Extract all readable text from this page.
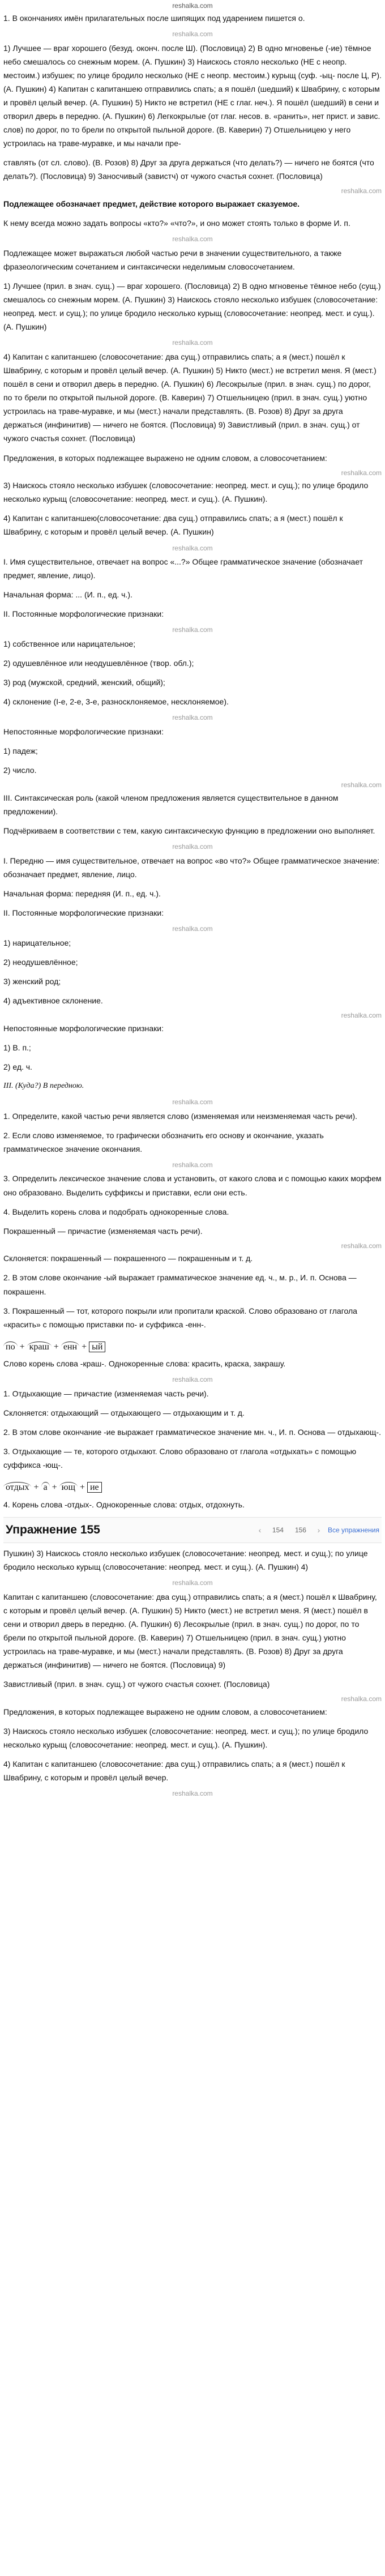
reshalka.com

1. В окончаниях имён прилагательных после шипящих под ударением пишется о.

reshalka.com

1) Лучшее — враг хорошего (безуд. оконч. после Ш). (Пословица) 2) В одно мгновенье (-ие) тёмное небо смешалось со снежным морем. (А. Пушкин) 3) Наискось стояло несколько (НЕ с неопр. местоим.) избушек; по улице бродило несколько (НЕ с неопр. местоим.) курыщ (суф. -ыц- после Ц, Р). (А. Пушкин) 4) Капитан с капитаншею отправились спать; а я пошёл (шедший) к Швабрину, с которым и провёл целый вечер. (А. Пушкин) 5) Никто не встретил (НЕ с глаг. неч.). Я пошёл (шедший) в сени и отворил дверь в передню. (А. Пушкин) 6) Легкокрылые (от глаг. несов. в. «ранить», нет прист. и завис. слов) по дорог, по то брели по открытой пыльной дороге. (В. Каверин) 7) Отшельницею у него устроилась на траве-муравке, и мы начали пре-

ставлять (от сл. слово). (В. Розов) 8) Друг за друга держаться (что делать?) — ничего не боятся (что делать?). (Пословица) 9) Заносчивый (завистч) от чужого счастья сохнет. (Пословица)

reshalka.com

Подлежащее обозначает предмет, действие которого выражает сказуемое.

К нему всегда можно задать вопросы «кто?» «что?», и оно может стоять только в форме И. п.

reshalka.com

Подлежащее может выражаться любой частью речи в значении существительного, а также фразеологическим сочетанием и синтаксически неделимым словосочетанием.

1) Лучшее (прил. в знач. сущ.) — враг хорошего. (Пословица) 2) В одно мгновенье тёмное небо (сущ.) смешалось со снежным морем. (А. Пушкин) 3) Наискось стояло несколько избушек (словосочетание: неопред. мест. и сущ.); по улице бродило несколько курыщ (словосочетание: неопред. мест. и сущ.). (А. Пушкин)

reshalka.com

4) Капитан с капитаншею (словосочетание: два сущ.) отправились спать; а я (мест.) пошёл к Швабрину, с которым и провёл целый вечер. (А. Пушкин) 5) Никто (мест.) не встретил меня. Я (мест.) пошёл в сени и отворил дверь в передню. (А. Пушкин) 6) Лесокрылые (прил. в знач. сущ.) по дорог, по то брели по открытой пыльной дороге. (В. Каверин) 7) Отшельницею (прил. в знач. сущ.) уютно устроилась на траве-муравке, и мы (мест.) начали представлять. (В. Розов) 8) Друг за друга держаться (инфинитив) — ничего не боятся. (Пословица) 9) Завистливый (прил. в знач. сущ.) от чужого счастья сохнет. (Пословица)

Предложения, в которых подлежащее выражено не одним словом, а словосочетанием:

reshalka.com

3) Наискось стояло несколько избушек (словосочетание: неопред. мест. и сущ.); по улице бродило несколько курыщ (словосочетание: неопред. мест. и сущ.). (А. Пушкин).

4) Капитан с капитаншею(словосочетание: два сущ.) отправились спать; а я (мест.) пошёл к Швабрину, с которым и провёл целый вечер. (А. Пушкин)

reshalka.com

I. Имя существительное, отвечает на вопрос «...?» Общее грамматическое значение (обозначает предмет, явление, лицо).

Начальная форма: ... (И. п., ед. ч.).

II. Постоянные морфологические признаки:

reshalka.com

1) собственное или нарицательное;

2) одушевлённое или неодушевлённое (твор. обл.);

3) род (мужской, средний, женский, общий);

4) склонение (I-е, 2-е, 3-е, разносклоняемое, несклоняемое).

reshalka.com

Непостоянные морфологические признаки:

1) падеж;

2) число.

reshalka.com

III. Синтаксическая роль (какой членом предложения является существительное в данном предложении).

Подчёркиваем в соответствии с тем, какую синтаксическую функцию в предложении оно выполняет.

reshalka.com

I. Передню — имя существительное, отвечает на вопрос «во что?» Общее грамматическое значение: обозначает предмет, явление, лицо.

Начальная форма: передняя (И. п., ед. ч.).

II. Постоянные морфологические признаки:

reshalka.com

1) нарицательное;

2) неодушевлённое;

3) женский род;

4) адъективное склонение.

reshalka.com

Непостоянные морфологические признаки:

1) В. п.;

2) ед. ч.

III. (Куда?) В передною.

reshalka.com

1. Определите, какой частью речи является слово (изменяемая или неизменяемая часть речи).

2. Если слово изменяемое, то графически обозначить его основу и окончание, указать грамматическое значение окончания.

reshalka.com

3. Определить лексическое значение слова и установить, от какого слова и с помощью каких морфем оно образовано. Выделить суффиксы и приставки, если они есть.

4. Выделить корень слова и подобрать однокоренные слова.

Покрашенный — причастие (изменяемая часть речи).

reshalka.com

Склоняется: покрашенный — покрашенного — покрашенным и т. д.

2. В этом слове окончание -ый выражает грамматическое значение ед. ч., м. р., И. п. Основа — покрашенн.

3. Покрашенный — тот, которого покрыли или пропитали краской. Слово образовано от глагола «красить» с помощью приставки по- и суффикса -енн-.

по + краш + енн + ый

Слово корень слова -краш-. Однокоренные слова: красить, краска, закрашу.

reshalka.com

1. Отдыхающие — причастие (изменяемая часть речи).

Склоняется: отдыхающий — отдыхающего — отдыхающим и т. д.

2. В этом слове окончание -ие выражает грамматическое значение мн. ч., И. п. Основа — отдыхающ-.

3. Отдыхающие — те, которого отдыхают. Слово образовано от глагола «отдыхать» с помощью суффикса -ющ-.

отдых + а + ющ + ие

4. Корень слова -отдых-. Однокоренные слова: отдых, отдохнуть.

Упражнение 155	‹	154	156	›	Все упражнения

Пушкин) 3) Наискось стояло несколько избушек (словосочетание: неопред. мест. и сущ.); по улице бродило несколько курыщ (словосочетание: неопред. мест. и сущ.). (А. Пушкин) 4)

reshalka.com

Капитан с капитаншею (словосочетание: два сущ.) отправились спать; а я (мест.) пошёл к Швабрину, с которым и провёл целый вечер. (А. Пушкин) 5) Никто (мест.) не встретил меня. Я (мест.) пошёл в сени и отворил дверь в передню. (А. Пушкин) 6) Лесокрылые (прил. в знач. сущ.) по дорог, по то брели по открытой пыльной дороге. (В. Каверин) 7) Отшельницею (прил. в знач. сущ.) уютно устроилась на траве-муравке, и мы (мест.) начали представлять. (В. Розов) 8) Друг за друга держаться (инфинитив) — ничего не боятся. (Пословица) 9)

Завистливый (прил. в знач. сущ.) от чужого счастья сохнет. (Пословица)

reshalka.com

Предложения, в которых подлежащее выражено не одним словом, а словосочетанием:

3) Наискось стояло несколько избушек (словосочетание: неопред. мест. и сущ.); по улице бродило несколько курыщ (словосочетание: неопред. мест. и сущ.). (А. Пушкин).

4) Капитан с капитаншею (словосочетание: два сущ.) отправились спать; а я (мест.) пошёл к Швабрину, с которым и провёл целый вечер.

reshalka.com
